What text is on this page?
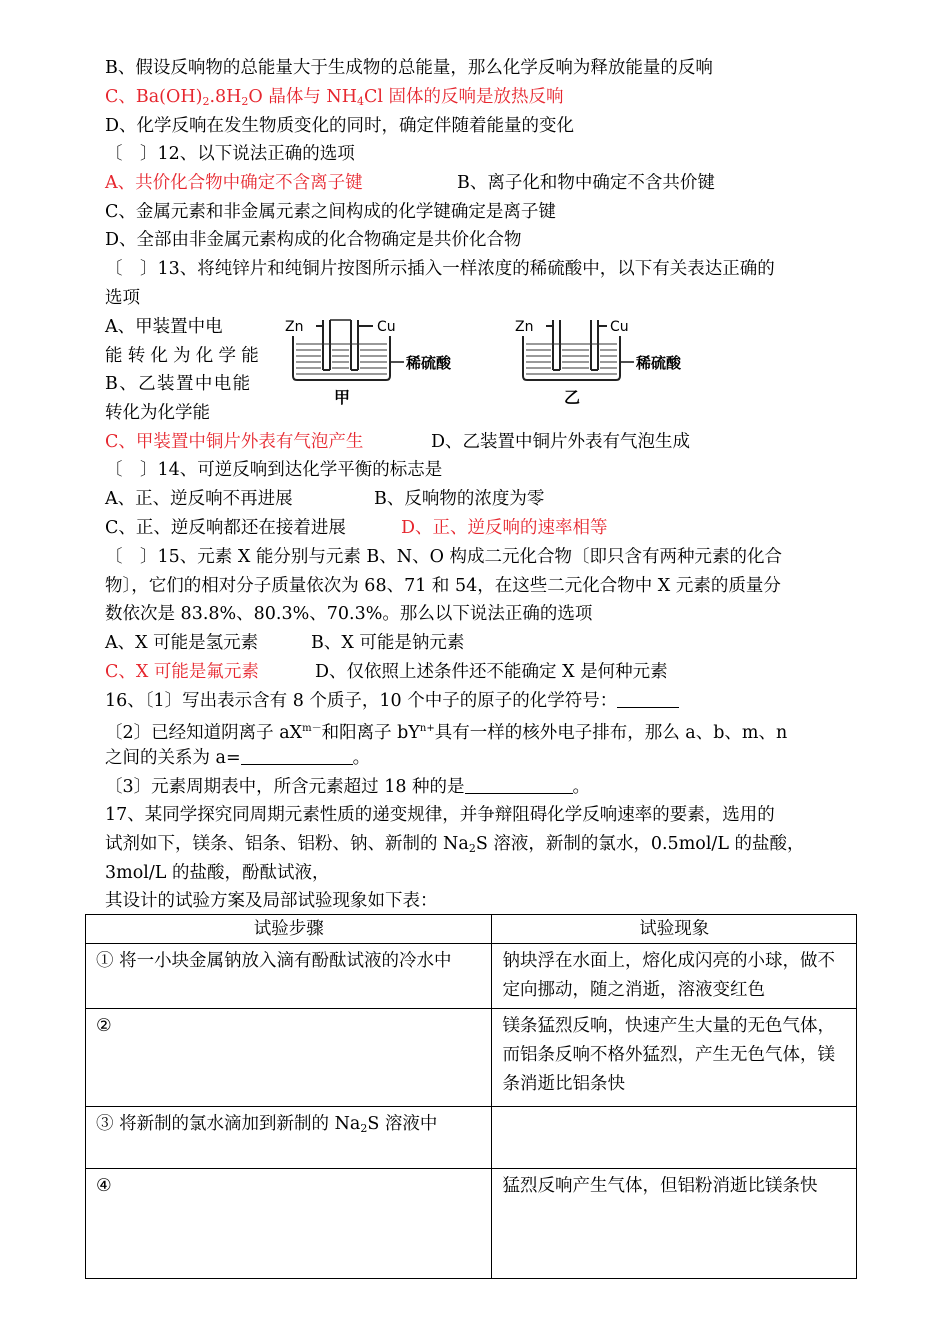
B、假设反响物的总能量大于生成物的总能量，那么化学反响为释放能量的反响
C、$Ba(OH)_2.8H_2O$ 晶体与 $NH_4Cl$ 固体的反响是放热反响
D、化学反响在发生物质变化的同时，确定伴随着能量的变化
〔　〕12、以下说法正确的选项
A、共价化合物中确定不含离子键	B、离子化和物中确定不含共价键
C、金属元素和非金属元素之间构成的化学键确定是离子键
D、全部由非金属元素构成的化合物确定是共价化合物
〔　〕13、将纯锌片和纯铜片按图所示插入一样浓度的稀硫酸中，以下有关表达正确的
选项
A、甲装置中电
能转化为化学能
B、乙装置中电能
转化为化学能
Zn	Cu
稀硫酸
甲
Zn	Cu
稀硫酸
乙
C、甲装置中铜片外表有气泡产生	D、乙装置中铜片外表有气泡生成
〔　〕14、可逆反响到达化学平衡的标志是
A、正、逆反响不再进展	B、反响物的浓度为零
C、正、逆反响都还在接着进展	D、正、逆反响的速率相等
〔　〕15、元素 X 能分别与元素 B、N、O 构成二元化合物〔即只含有两种元素的化合
物〕，它们的相对分子质量依次为 68、71 和 54，在这些二元化合物中 X 元素的质量分
数依次是 83.8%、80.3%、70.3%。那么以下说法正确的选项
A、X 可能是氢元素	B、X 可能是钠元素
C、X 可能是氟元素	D、仅依照上述条件还不能确定 X 是何种元素
16、〔1〕写出表示含有 8 个质子，10 个中子的原子的化学符号：
〔2〕已经知道阴离子 $aX^{m-}$和阳离子 $bY^{n+}$具有一样的核外电子排布，那么 a、b、m、n
之间的关系为 a=	。
〔3〕元素周期表中，所含元素超过 18 种的是	。
17、某同学探究同周期元素性质的递变规律，并争辩阻碍化学反响速率的要素，选用的
试剂如下，镁条、铝条、铝粉、钠、新制的 $Na_2S$ 溶液，新制的氯水，0.5mol/L 的盐酸，
3mol/L 的盐酸，酚酞试液，
其设计的试验方案及局部试验现象如下表：
试验步骤	试验现象
① 将一小块金属钠放入滴有酚酞试液的冷水中	钠块浮在水面上，熔化成闪亮的小球，做不定向挪动，随之消逝，溶液变红色
②	镁条猛烈反响，快速产生大量的无色气体，而铝条反响不格外猛烈，产生无色气体，镁条消逝比铝条快
③ 将新制的氯水滴加到新制的 $Na_2S$ 溶液中	
④	猛烈反响产生气体，但铝粉消逝比镁条快
